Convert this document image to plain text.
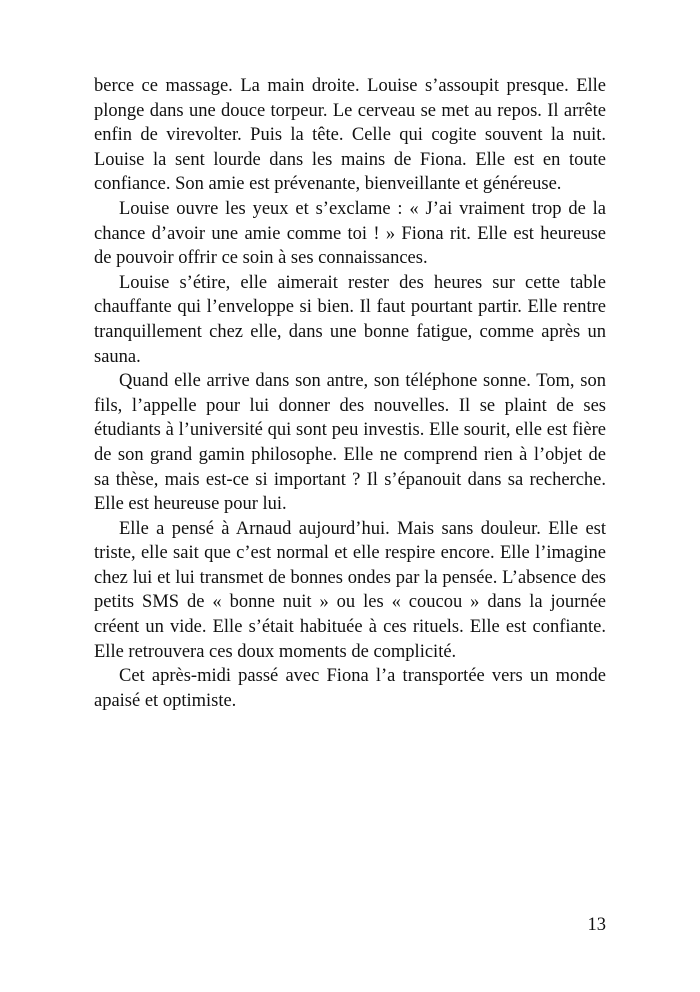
berce ce massage. La main droite. Louise s’assoupit presque. Elle plonge dans une douce torpeur. Le cerveau se met au repos. Il arrête enfin de virevolter. Puis la tête. Celle qui cogite souvent la nuit. Louise la sent lourde dans les mains de Fiona. Elle est en toute confiance. Son amie est prévenante, bienveillante et généreuse.

Louise ouvre les yeux et s’exclame : « J’ai vraiment trop de la chance d’avoir une amie comme toi ! » Fiona rit. Elle est heureuse de pouvoir offrir ce soin à ses connaissances.

Louise s’étire, elle aimerait rester des heures sur cette table chauffante qui l’enveloppe si bien. Il faut pourtant partir. Elle rentre tranquillement chez elle, dans une bonne fatigue, comme après un sauna.

Quand elle arrive dans son antre, son téléphone sonne. Tom, son fils, l’appelle pour lui donner des nouvelles. Il se plaint de ses étudiants à l’université qui sont peu investis. Elle sourit, elle est fière de son grand gamin philosophe. Elle ne comprend rien à l’objet de sa thèse, mais est-ce si important ? Il s’épanouit dans sa recherche. Elle est heureuse pour lui.

Elle a pensé à Arnaud aujourd’hui. Mais sans douleur. Elle est triste, elle sait que c’est normal et elle respire encore. Elle l’imagine chez lui et lui transmet de bonnes ondes par la pensée. L’absence des petits SMS de « bonne nuit » ou les « coucou » dans la journée créent un vide. Elle s’était habituée à ces rituels. Elle est confiante. Elle retrouvera ces doux moments de complicité.

Cet après-midi passé avec Fiona l’a transportée vers un monde apaisé et optimiste.

13
